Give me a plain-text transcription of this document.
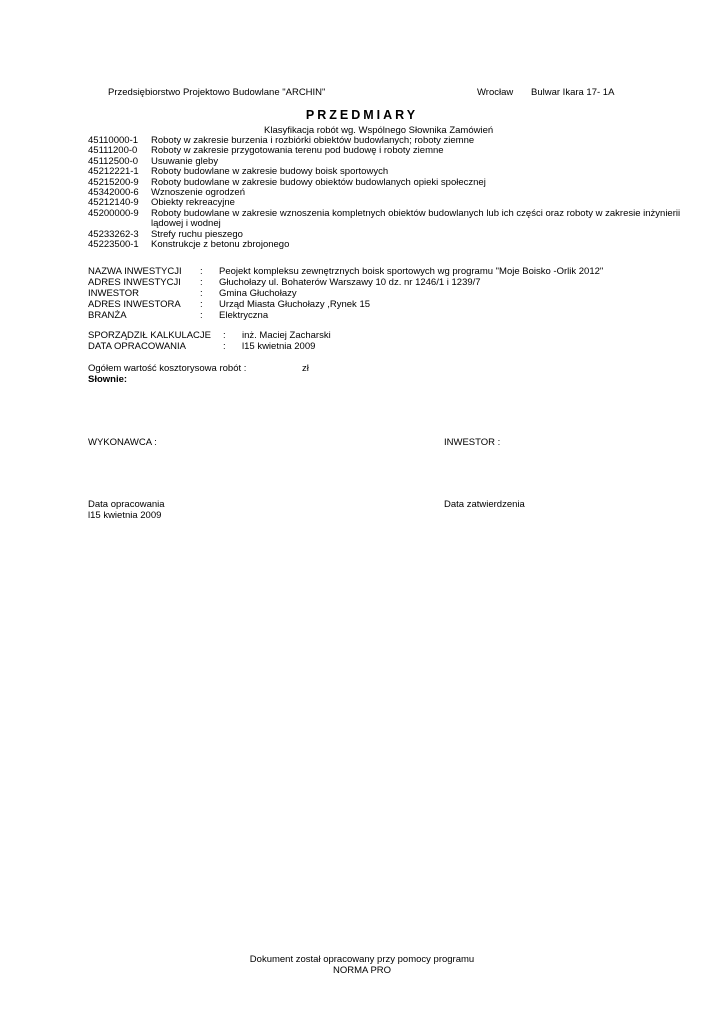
Przedsiębiorstwo Projektowo Budowlane "ARCHIN"	Wrocław Bulwar Ikara 17- 1A
PRZEDMIARY
Klasyfikacja robót wg. Wspólnego Słownika Zamówień
45110000-1	Roboty w zakresie burzenia i rozbiórki obiektów budowlanych; roboty ziemne
45111200-0	Roboty w zakresie przygotowania terenu pod budowę i roboty ziemne
45112500-0	Usuwanie gleby
45212221-1	Roboty budowlane w zakresie budowy boisk sportowych
45215200-9	Roboty budowlane w zakresie budowy obiektów budowlanych opieki społecznej
45342000-6	Wznoszenie ogrodzeń
45212140-9	Obiekty rekreacyjne
45200000-9	Roboty budowlane w zakresie wznoszenia kompletnych obiektów budowlanych lub ich części oraz roboty w zakresie inżynierii lądowej i wodnej
45233262-3	Strefy ruchu pieszego
45223500-1	Konstrukcje z betonu zbrojonego
NAZWA INWESTYCJI	:	Peojekt kompleksu zewnętrznych boisk sportowych wg programu "Moje Boisko -Orlik 2012"
ADRES INWESTYCJI	:	Głuchołazy ul. Bohaterów Warszawy 10 dz. nr 1246/1 i 1239/7
INWESTOR	:	Gmina Głuchołazy
ADRES INWESTORA	:	Urząd Miasta Głuchołazy ,Rynek 15
BRANŻA	:	Elektryczna
SPORZĄDZIŁ KALKULACJE	:	inż. Maciej Zacharski
DATA OPRACOWANIA	:	l15 kwietnia 2009
Ogółem wartość kosztorysowa robót :	zł
Słownie:
WYKONAWCA :	INWESTOR :
Data opracowania
l15 kwietnia 2009
Data zatwierdzenia
Dokument został opracowany przy pomocy programu
NORMA PRO
